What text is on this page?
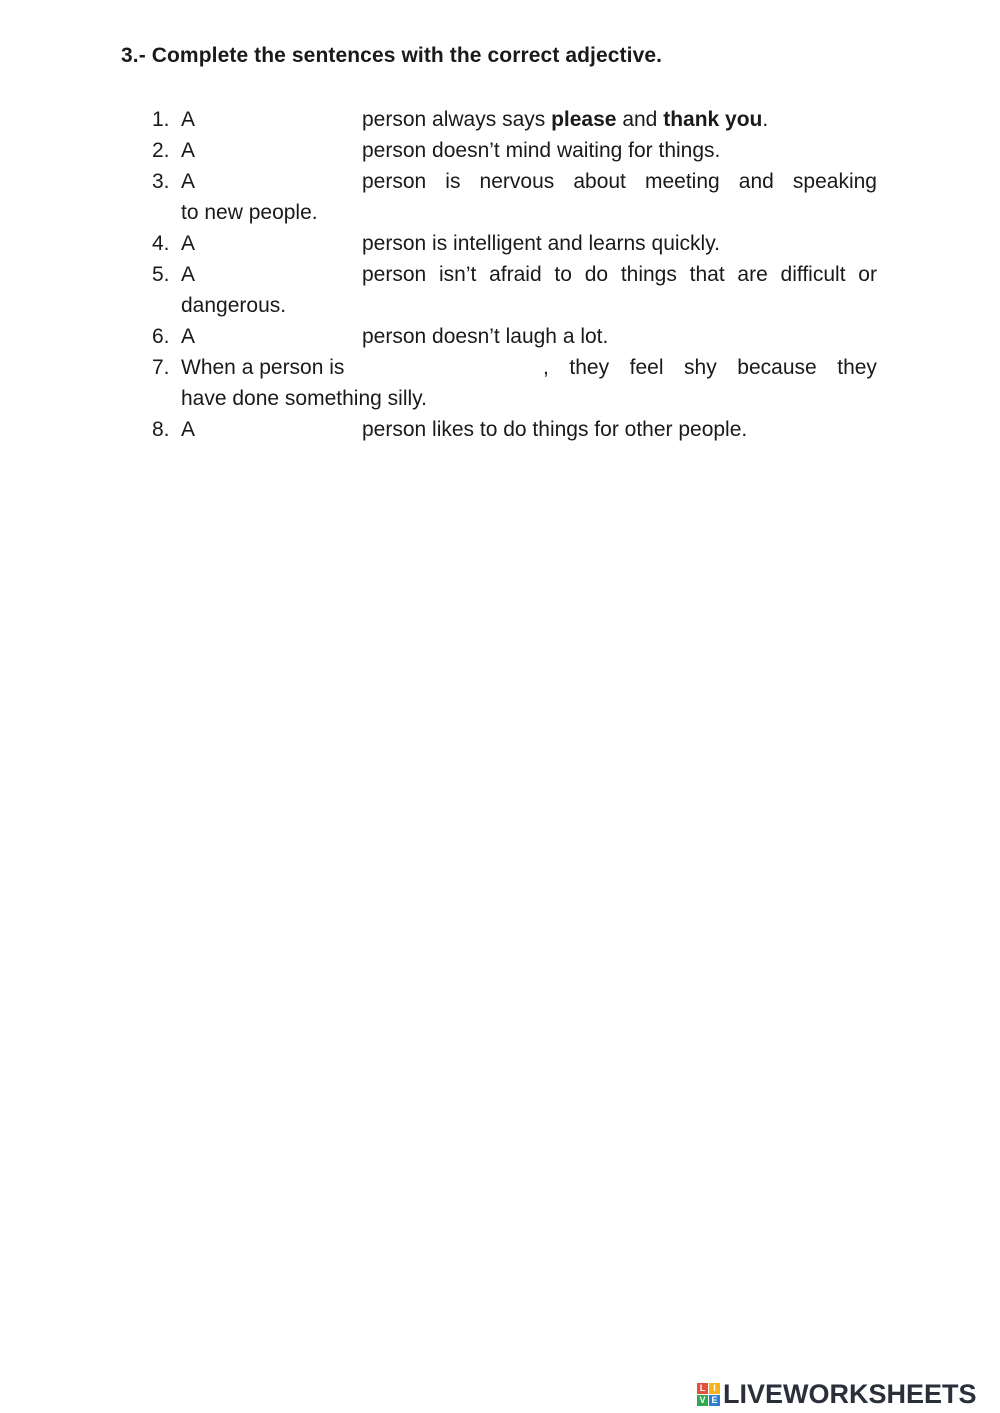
3.- Complete the sentences with the correct adjective.
1. A	person always says please and thank you.
2. A	person doesn’t mind waiting for things.
3. A	person is nervous about meeting and speaking
to new people.
4. A	person is intelligent and learns quickly.
5. A	person isn’t afraid to do things that are difficult or
dangerous.
6. A	person doesn’t laugh a lot.
7. When a person is	, they feel shy because they
have done something silly.
8. A	person likes to do things for other people.
L I
V E LIVEWORKSHEETS
